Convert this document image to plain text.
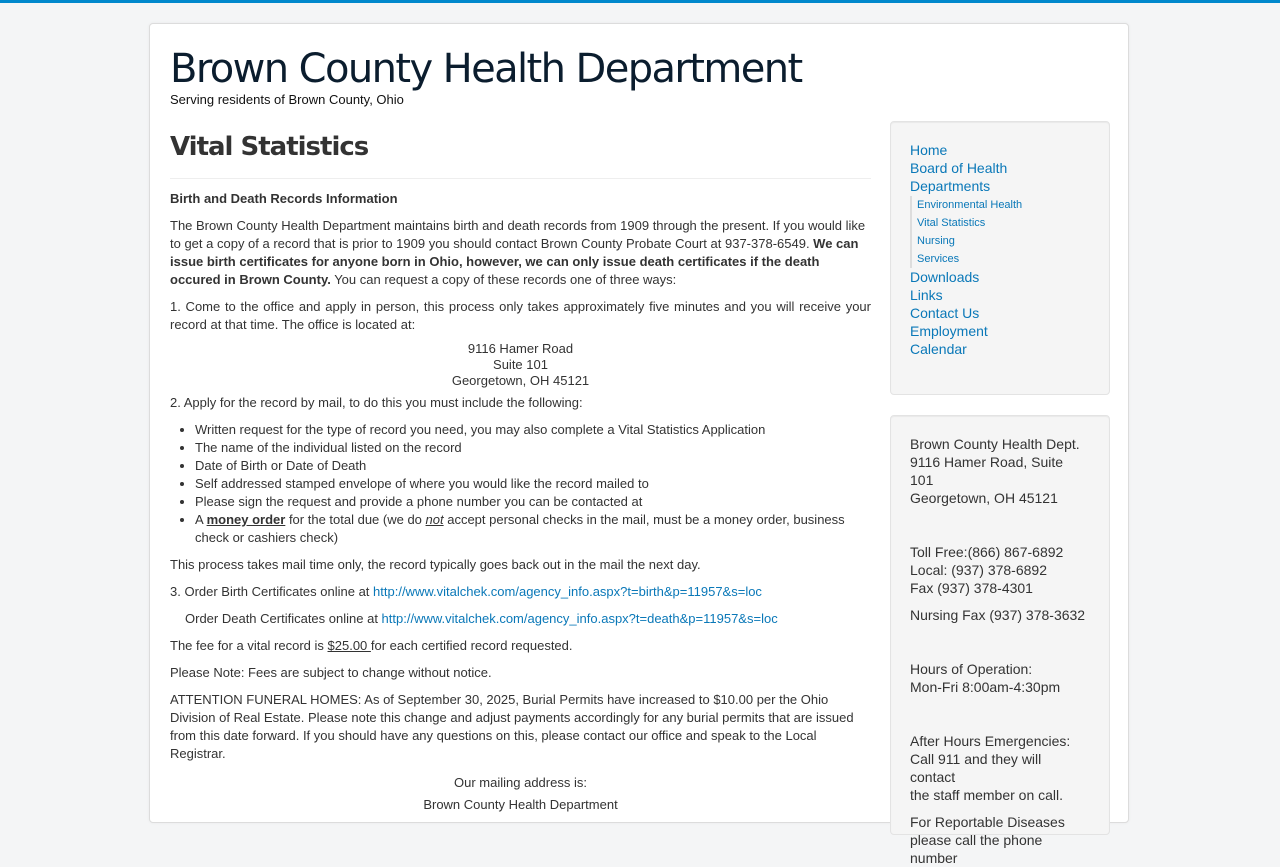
Brown County Health Department
Serving residents of Brown County, Ohio
Vital Statistics

Birth and Death Records Information

The Brown County Health Department maintains birth and death records from 1909 through the present. If you would like to get a copy of a record that is prior to 1909 you should contact Brown County Probate Court at 937-378-6549. We can issue birth certificates for anyone born in Ohio, however, we can only issue death certificates if the death occured in Brown County. You can request a copy of these records one of three ways:

1. Come to the office and apply in person, this process only takes approximately five minutes and you will receive your record at that time. The office is located at:

9116 Hamer Road
Suite 101
Georgetown, OH 45121

2. Apply for the record by mail, to do this you must include the following:

• Written request for the type of record you need, you may also complete a Vital Statistics Application
• The name of the individual listed on the record
• Date of Birth or Date of Death
• Self addressed stamped envelope of where you would like the record mailed to
• Please sign the request and provide a phone number you can be contacted at
• A money order for the total due (we do not accept personal checks in the mail, must be a money order, business check or cashiers check)

This process takes mail time only, the record typically goes back out in the mail the next day.

3. Order Birth Certificates online at http://www.vitalchek.com/agency_info.aspx?t=birth&p=11957&s=loc

Order Death Certificates online at http://www.vitalchek.com/agency_info.aspx?t=death&p=11957&s=loc

The fee for a vital record is $25.00 for each certified record requested.

Please Note: Fees are subject to change without notice.

ATTENTION FUNERAL HOMES: As of September 30, 2025, Burial Permits have increased to $10.00 per the Ohio Division of Real Estate. Please note this change and adjust payments accordingly for any burial permits that are issued from this date forward. If you should have any questions on this, please contact our office and speak to the Local Registrar.

Our mailing address is:

Brown County Health Department

Home
Board of Health
Departments
Environmental Health
Vital Statistics
Nursing
Services
Downloads
Links
Contact Us
Employment
Calendar

Brown County Health Dept.
9116 Hamer Road, Suite 101
Georgetown, OH 45121

Toll Free:(866) 867-6892
Local: (937) 378-6892
Fax (937) 378-4301

Nursing Fax (937) 378-3632

Hours of Operation:
Mon-Fri 8:00am-4:30pm

After Hours Emergencies:
Call 911 and they will contact
the staff member on call.

For Reportable Diseases
please call the phone number
